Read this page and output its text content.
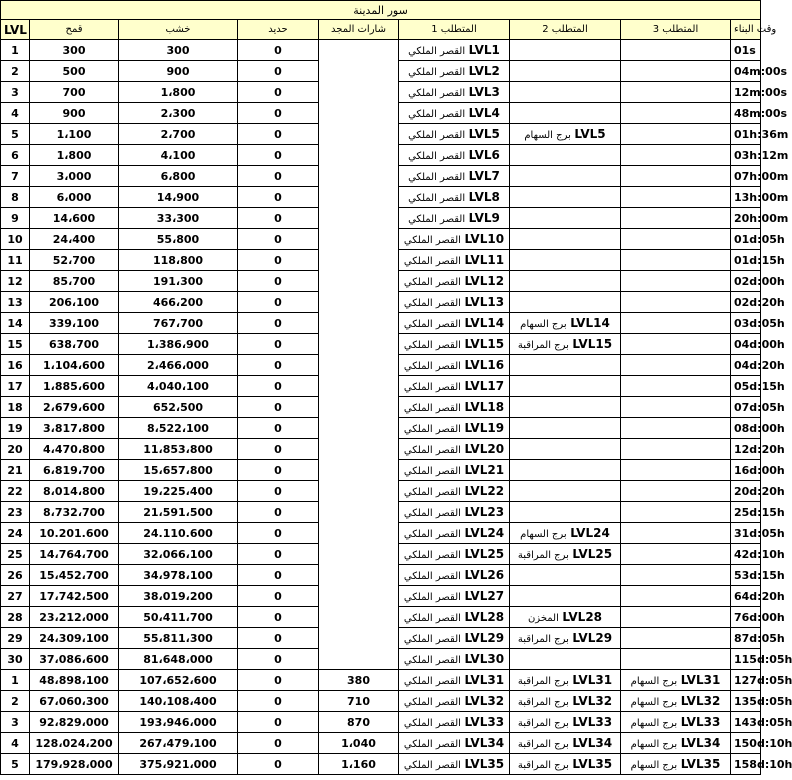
سور المدينة								
LVL	قمح	خشب	حديد	شارات المجد	المتطلب 1	المتطلب 2	المتطلب 3	وقت البناء
1	300	300	0		القصر الملكي LVL1			01s
2	500	900	0		القصر الملكي LVL2			04m:00s
3	700	1،800	0		القصر الملكي LVL3			12m:00s
4	900	2،300	0		القصر الملكي LVL4			48m:00s
5	1،100	2،700	0		القصر الملكي LVL5	برج السهام LVL5		01h:36m
6	1،800	4،100	0		القصر الملكي LVL6			03h:12m
7	3،000	6،800	0		القصر الملكي LVL7			07h:00m
8	6،000	14،900	0		القصر الملكي LVL8			13h:00m
9	14،600	33،300	0		القصر الملكي LVL9			20h:00m
10	24،400	55،800	0		القصر الملكي LVL10			01d:05h
11	52،700	118،800	0		القصر الملكي LVL11			01d:15h
12	85،700	191،300	0		القصر الملكي LVL12			02d:00h
13	206،100	466،200	0		القصر الملكي LVL13			02d:20h
14	339،100	767،700	0		القصر الملكي LVL14	برج السهام LVL14		03d:05h
15	638،700	1،386،900	0		القصر الملكي LVL15	برج المراقبة LVL15		04d:00h
16	1،104،600	2،466،000	0		القصر الملكي LVL16			04d:20h
17	1،885،600	4،040،100	0		القصر الملكي LVL17			05d:15h
18	2،679،600	652،500	0		القصر الملكي LVL18			07d:05h
19	3،817،800	8،522،100	0		القصر الملكي LVL19			08d:00h
20	4،470،800	11،853،800	0		القصر الملكي LVL20			12d:20h
21	6،819،700	15،657،800	0		القصر الملكي LVL21			16d:00h
22	8،014،800	19،225،400	0		القصر الملكي LVL22			20d:20h
23	8،732،700	21،591،500	0		القصر الملكي LVL23			25d:15h
24	10.201.600	24.110.600	0		القصر الملكي LVL24	برج السهام LVL24		31d:05h
25	14،764،700	32،066،100	0		القصر الملكي LVL25	برج المراقبة LVL25		42d:10h
26	15،452،700	34،978،100	0		القصر الملكي LVL26			53d:15h
27	17،742،500	38،019،200	0		القصر الملكي LVL27			64d:20h
28	23،212،000	50،411،700	0		القصر الملكي LVL28	المخزن LVL28		76d:00h
29	24،309،100	55،811،300	0		القصر الملكي LVL29	برج المراقبة LVL29		87d:05h
30	37،086،600	81،648،000	0		القصر الملكي LVL30			115d:05h
1	48،898،100	107،652،600	0	380	القصر الملكي LVL31	برج المراقبة LVL31	برج السهام LVL31	127d:05h
2	67،060،300	140،108،400	0	710	القصر الملكي LVL32	برج المراقبة LVL32	برج السهام LVL32	135d:05h
3	92،829،000	193،946،000	0	870	القصر الملكي LVL33	برج المراقبة LVL33	برج السهام LVL33	143d:05h
4	128،024،200	267،479،100	0	1،040	القصر الملكي LVL34	برج المراقبة LVL34	برج السهام LVL34	150d:10h
5	179،928،000	375،921،000	0	1،160	القصر الملكي LVL35	برج المراقبة LVL35	برج السهام LVL35	158d:10h
